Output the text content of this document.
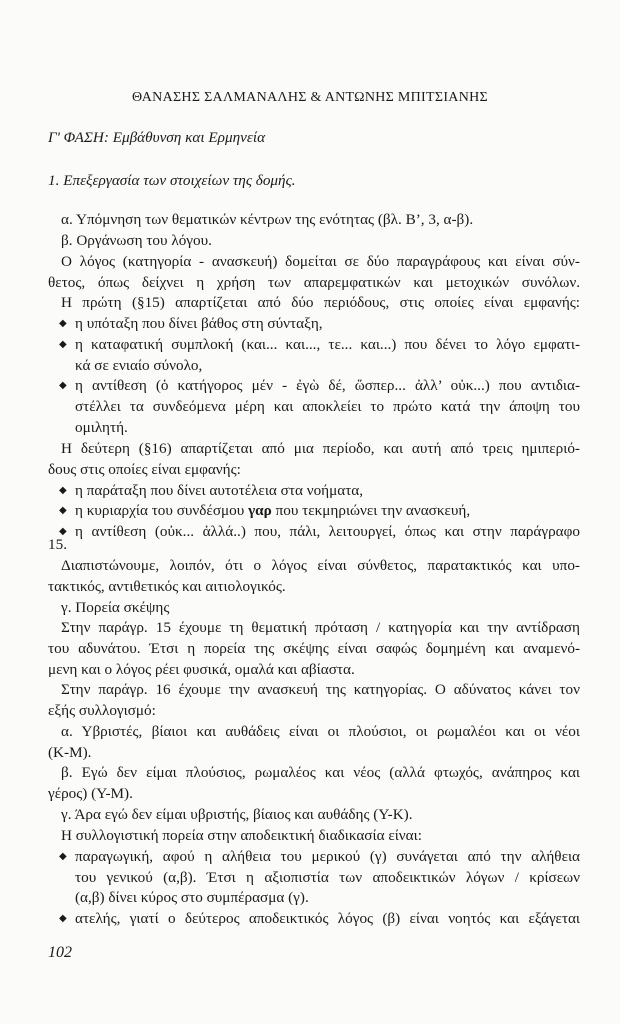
ΘΑΝΑΣΗΣ ΣΑΛΜΑΝΑΛΗΣ & ΑΝΤΩΝΗΣ ΜΠΙΤΣΙΑΝΗΣ
Γ' ΦΑΣΗ: Εμβάθυνση και Ερμηνεία
1. Επεξεργασία των στοιχείων της δομής.
α. Υπόμνηση των θεματικών κέντρων της ενότητας (βλ. Β’, 3, α-β).
β. Οργάνωση του λόγου.
Ο λόγος (κατηγορία - ανασκευή) δομείται σε δύο παραγράφους και είναι σύν-
θετος, όπως δείχνει η χρήση των απαρεμφατικών και μετοχικών συνόλων.
Η πρώτη (§15) απαρτίζεται από δύο περιόδους, στις οποίες είναι εμφανής:
◆ η υπόταξη που δίνει βάθος στη σύνταξη,
◆ η καταφατική συμπλοκή (και... και..., τε... και...) που δένει το λόγο εμφατι-
κά σε ενιαίο σύνολο,
◆ η αντίθεση (ὁ κατήγορος μέν - ἐγὼ δέ, ὥσπερ... ἀλλ’ οὐκ...) που αντιδια-
στέλλει τα συνδεόμενα μέρη και αποκλείει το πρώτο κατά την άποψη του
ομιλητή.
Η δεύτερη (§16) απαρτίζεται από μια περίοδο, και αυτή από τρεις ημιπεριό-
δους στις οποίες είναι εμφανής:
◆ η παράταξη που δίνει αυτοτέλεια στα νοήματα,
◆ η κυριαρχία του συνδέσμου γαρ που τεκμηριώνει την ανασκευή,
◆ η αντίθεση (οὐκ... ἀλλά..) που, πάλι, λειτουργεί, όπως και στην παράγραφο
15.
Διαπιστώνουμε, λοιπόν, ότι ο λόγος είναι σύνθετος, παρατακτικός και υπο-
τακτικός, αντιθετικός και αιτιολογικός.
γ. Πορεία σκέψης
Στην παράγρ. 15 έχουμε τη θεματική πρόταση / κατηγορία και την αντίδραση
του αδυνάτου. Έτσι η πορεία της σκέψης είναι σαφώς δομημένη και αναμενό-
μενη και ο λόγος ρέει φυσικά, ομαλά και αβίαστα.
Στην παράγρ. 16 έχουμε την ανασκευή της κατηγορίας. Ο αδύνατος κάνει τον
εξής συλλογισμό:
α. Υβριστές, βίαιοι και αυθάδεις είναι οι πλούσιοι, οι ρωμαλέοι και οι νέοι
(Κ-Μ).
β. Εγώ δεν είμαι πλούσιος, ρωμαλέος και νέος (αλλά φτωχός, ανάπηρος και
γέρος) (Υ-Μ).
γ. Άρα εγώ δεν είμαι υβριστής, βίαιος και αυθάδης (Υ-Κ).
Η συλλογιστική πορεία στην αποδεικτική διαδικασία είναι:
◆ παραγωγική, αφού η αλήθεια του μερικού (γ) συνάγεται από την αλήθεια
του γενικού (α,β). Έτσι η αξιοπιστία των αποδεικτικών λόγων / κρίσεων
(α,β) δίνει κύρος στο συμπέρασμα (γ).
◆ ατελής, γιατί ο δεύτερος αποδεικτικός λόγος (β) είναι νοητός και εξάγεται
102
